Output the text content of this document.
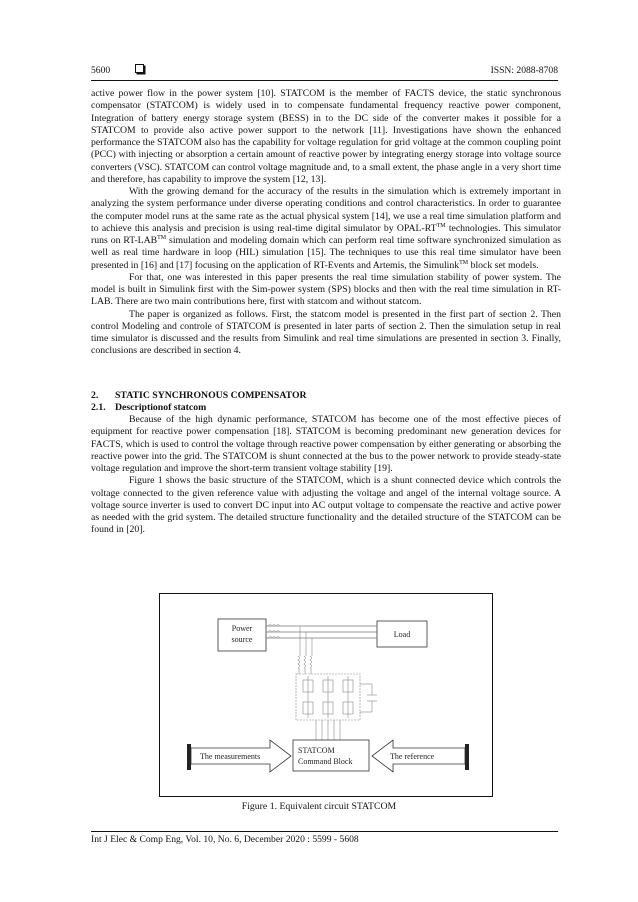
5600	ISSN: 2088-8708

active power flow in the power system [10]. STATCOM is the member of FACTS device, the static synchronous compensator (STATCOM) is widely used in to compensate fundamental frequency reactive power component, Integration of battery energy storage system (BESS) in to the DC side of the converter makes it possible for a STATCOM to provide also active power support to the network [11]. Investigations have shown the enhanced performance the STATCOM also has the capability for voltage regulation for grid voltage at the common coupling point (PCC) with injecting or absorption a certain amount of reactive power by integrating energy storage into voltage source converters (VSC). STATCOM can control voltage magnitude and, to a small extent, the phase angle in a very short time and therefore, has capability to improve the system [12, 13].

With the growing demand for the accuracy of the results in the simulation which is extremely important in analyzing the system performance under diverse operating conditions and control characteristics. In order to guarantee the computer model runs at the same rate as the actual physical system [14], we use a real time simulation platform and to achieve this analysis and precision is using real-time digital simulator by OPAL-RT™ technologies. This simulator runs on RT-LAB™ simulation and modeling domain which can perform real time software synchronized simulation as well as real time hardware in loop (HIL) simulation [15]. The techniques to use this real time simulator have been presented in [16] and [17] focusing on the application of RT-Events and Artemis, the Simulink™ block set models.

For that, one was interested in this paper presents the real time simulation stability of power system. The model is built in Simulink first with the Sim-power system (SPS) blocks and then with the real time simulation in RT-LAB. There are two main contributions here, first with statcom and without statcom.

The paper is organized as follows. First, the statcom model is presented in the first part of section 2. Then control Modeling and controle of STATCOM is presented in later parts of section 2. Then the simulation setup in real time simulator is discussed and the results from Simulink and real time simulations are presented in section 3. Finally, conclusions are described in section 4.

2. STATIC SYNCHRONOUS COMPENSATOR

2.1. Descriptionof statcom

Because of the high dynamic performance, STATCOM has become one of the most effective pieces of equipment for reactive power compensation [18]. STATCOM is becoming predominant new generation devices for FACTS, which is used to control the voltage through reactive power compensation by either generating or absorbing the reactive power into the grid. The STATCOM is shunt connected at the bus to the power network to provide steady-state voltage regulation and improve the short-term transient voltage stability [19].

Figure 1 shows the basic structure of the STATCOM, which is a shunt connected device which controls the voltage connected to the given reference value with adjusting the voltage and angel of the internal voltage source. A voltage source inverter is used to convert DC input into AC output voltage to compensate the reactive and active power as needed with the grid system. The detailed structure functionality and the detailed structure of the STATCOM can be found in [20].

Power
source
Load
STATCOM
Command Block
The measurements	The reference
Figure 1. Equivalent circuit STATCOM
Int J Elec & Comp Eng, Vol. 10, No. 6, December 2020 : 5599 - 5608
